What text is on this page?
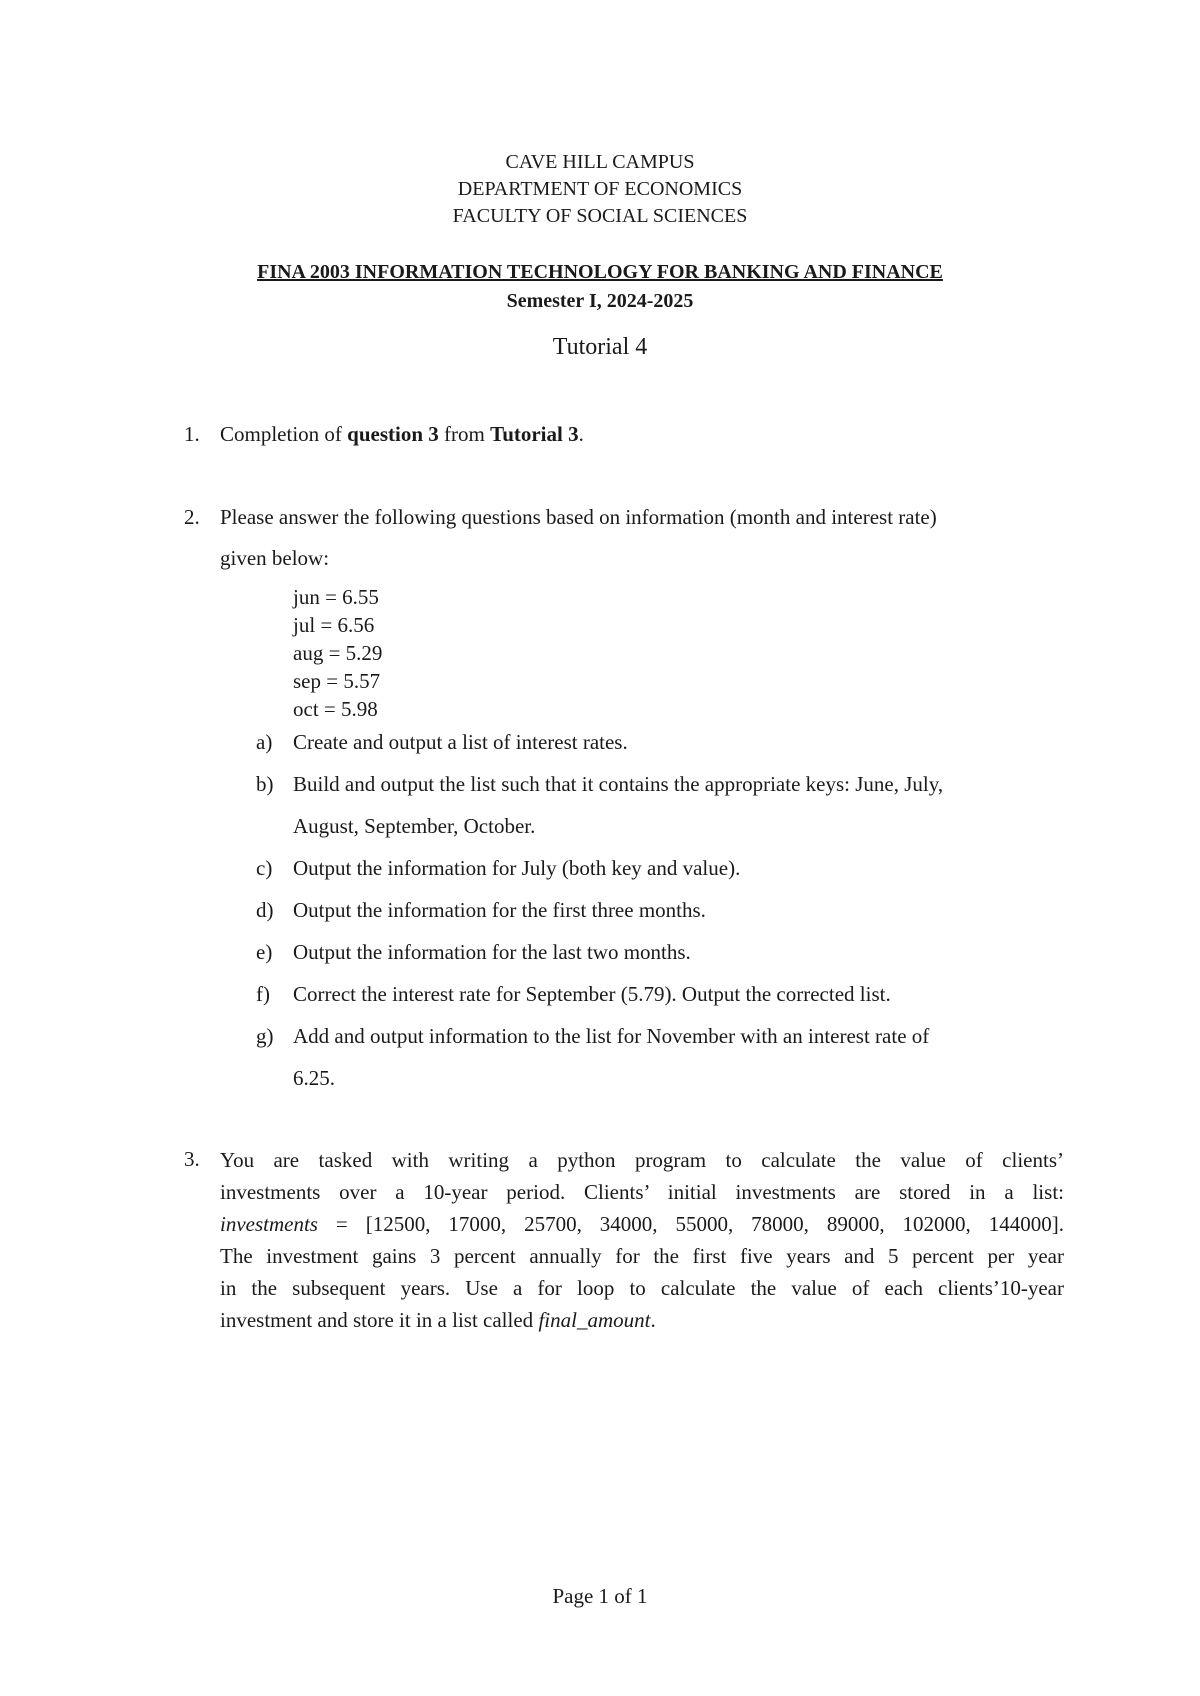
CAVE HILL CAMPUS
DEPARTMENT OF ECONOMICS
FACULTY OF SOCIAL SCIENCES
FINA 2003 INFORMATION TECHNOLOGY FOR BANKING AND FINANCE
Semester I, 2024-2025
Tutorial 4
1. Completion of question 3 from Tutorial 3.
2. Please answer the following questions based on information (month and interest rate)
given below:
jun = 6.55
jul = 6.56
aug = 5.29
sep = 5.57
oct = 5.98
a) Create and output a list of interest rates.
b) Build and output the list such that it contains the appropriate keys: June, July,
August, September, October.
c) Output the information for July (both key and value).
d) Output the information for the first three months.
e) Output the information for the last two months.
f) Correct the interest rate for September (5.79). Output the corrected list.
g) Add and output information to the list for November with an interest rate of
6.25.
3. You are tasked with writing a python program to calculate the value of clients’
investments over a 10-year period. Clients’ initial investments are stored in a list:
investments = [12500, 17000, 25700, 34000, 55000, 78000, 89000, 102000, 144000].
The investment gains 3 percent annually for the first five years and 5 percent per year
in the subsequent years. Use a for loop to calculate the value of each clients’10-year
investment and store it in a list called final_amount.
Page 1 of 1
